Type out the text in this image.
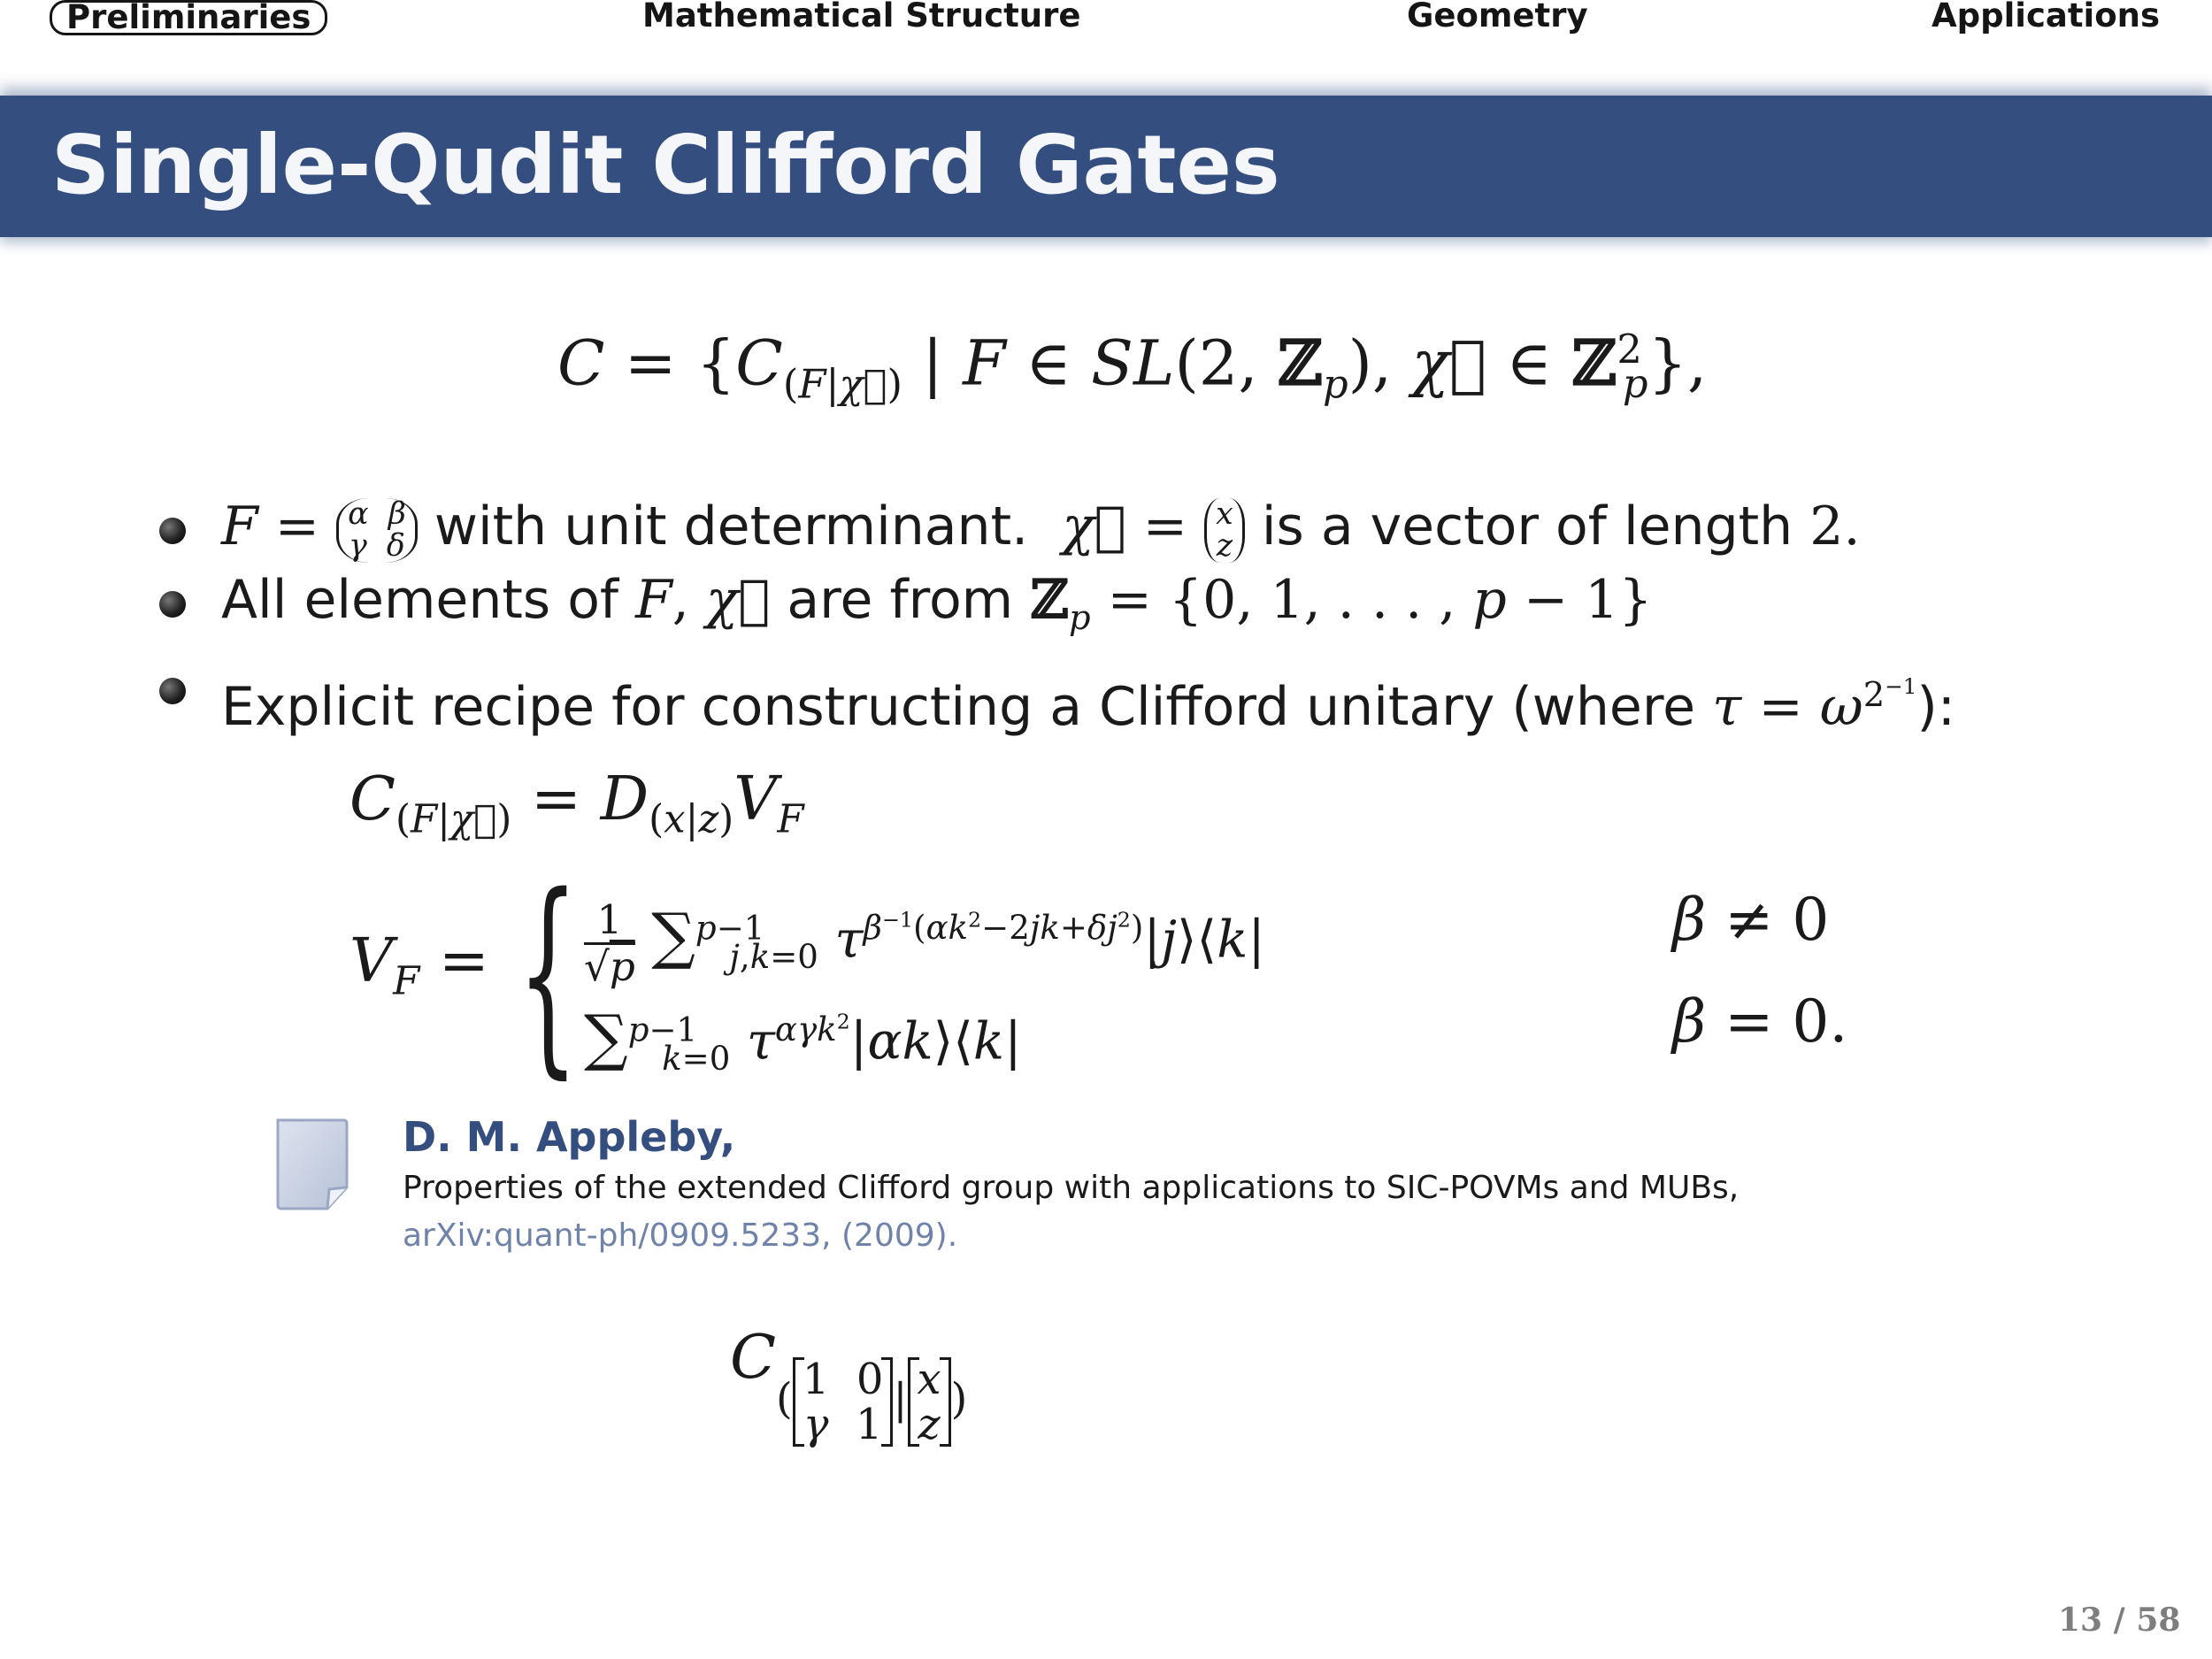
Preliminaries	Mathematical Structure	Geometry	Applications
Single-Qudit Clifford Gates
$C = \{C_{(F|\chi⃗)}$ | F ∈ SL(2, ℤ$_p$), χ⃗ ∈ ℤ$^2_p$},
F = α β
γ δ with unit determinant. χ⃗ = x
z is a vector of length 2.
All elements of F, χ⃗ are from ℤ$_p$ = {0, 1, . . . , p − 1}
Explicit recipe for constructing a Clifford unitary (where $\tau = \omega^{2^{-1}}$):
$C_{(F|\chi⃗)} = D_{(x|z)}V_F$
$V_F$ = { $\frac{1}{√p} \sum^{p-1}_{j,k=0}$ $\tau^{\beta^{-1}(\alpha k^2-2jk+\delta j^2)}|j⟩⟨k|$
∑$^{p-1}_{k=0}$ $\tau^{\alpha\gamma k^2}|\alpha k⟩⟨k|$
β ≠ 0
β = 0.
D. M. Appleby,
Properties of the extended Clifford group with applications to SIC-POVMs and MUBs,
arXiv:quant-ph/0909.5233, (2009).
$C_{( 1 0 \gamma 1| x z)}$
13 / 58
